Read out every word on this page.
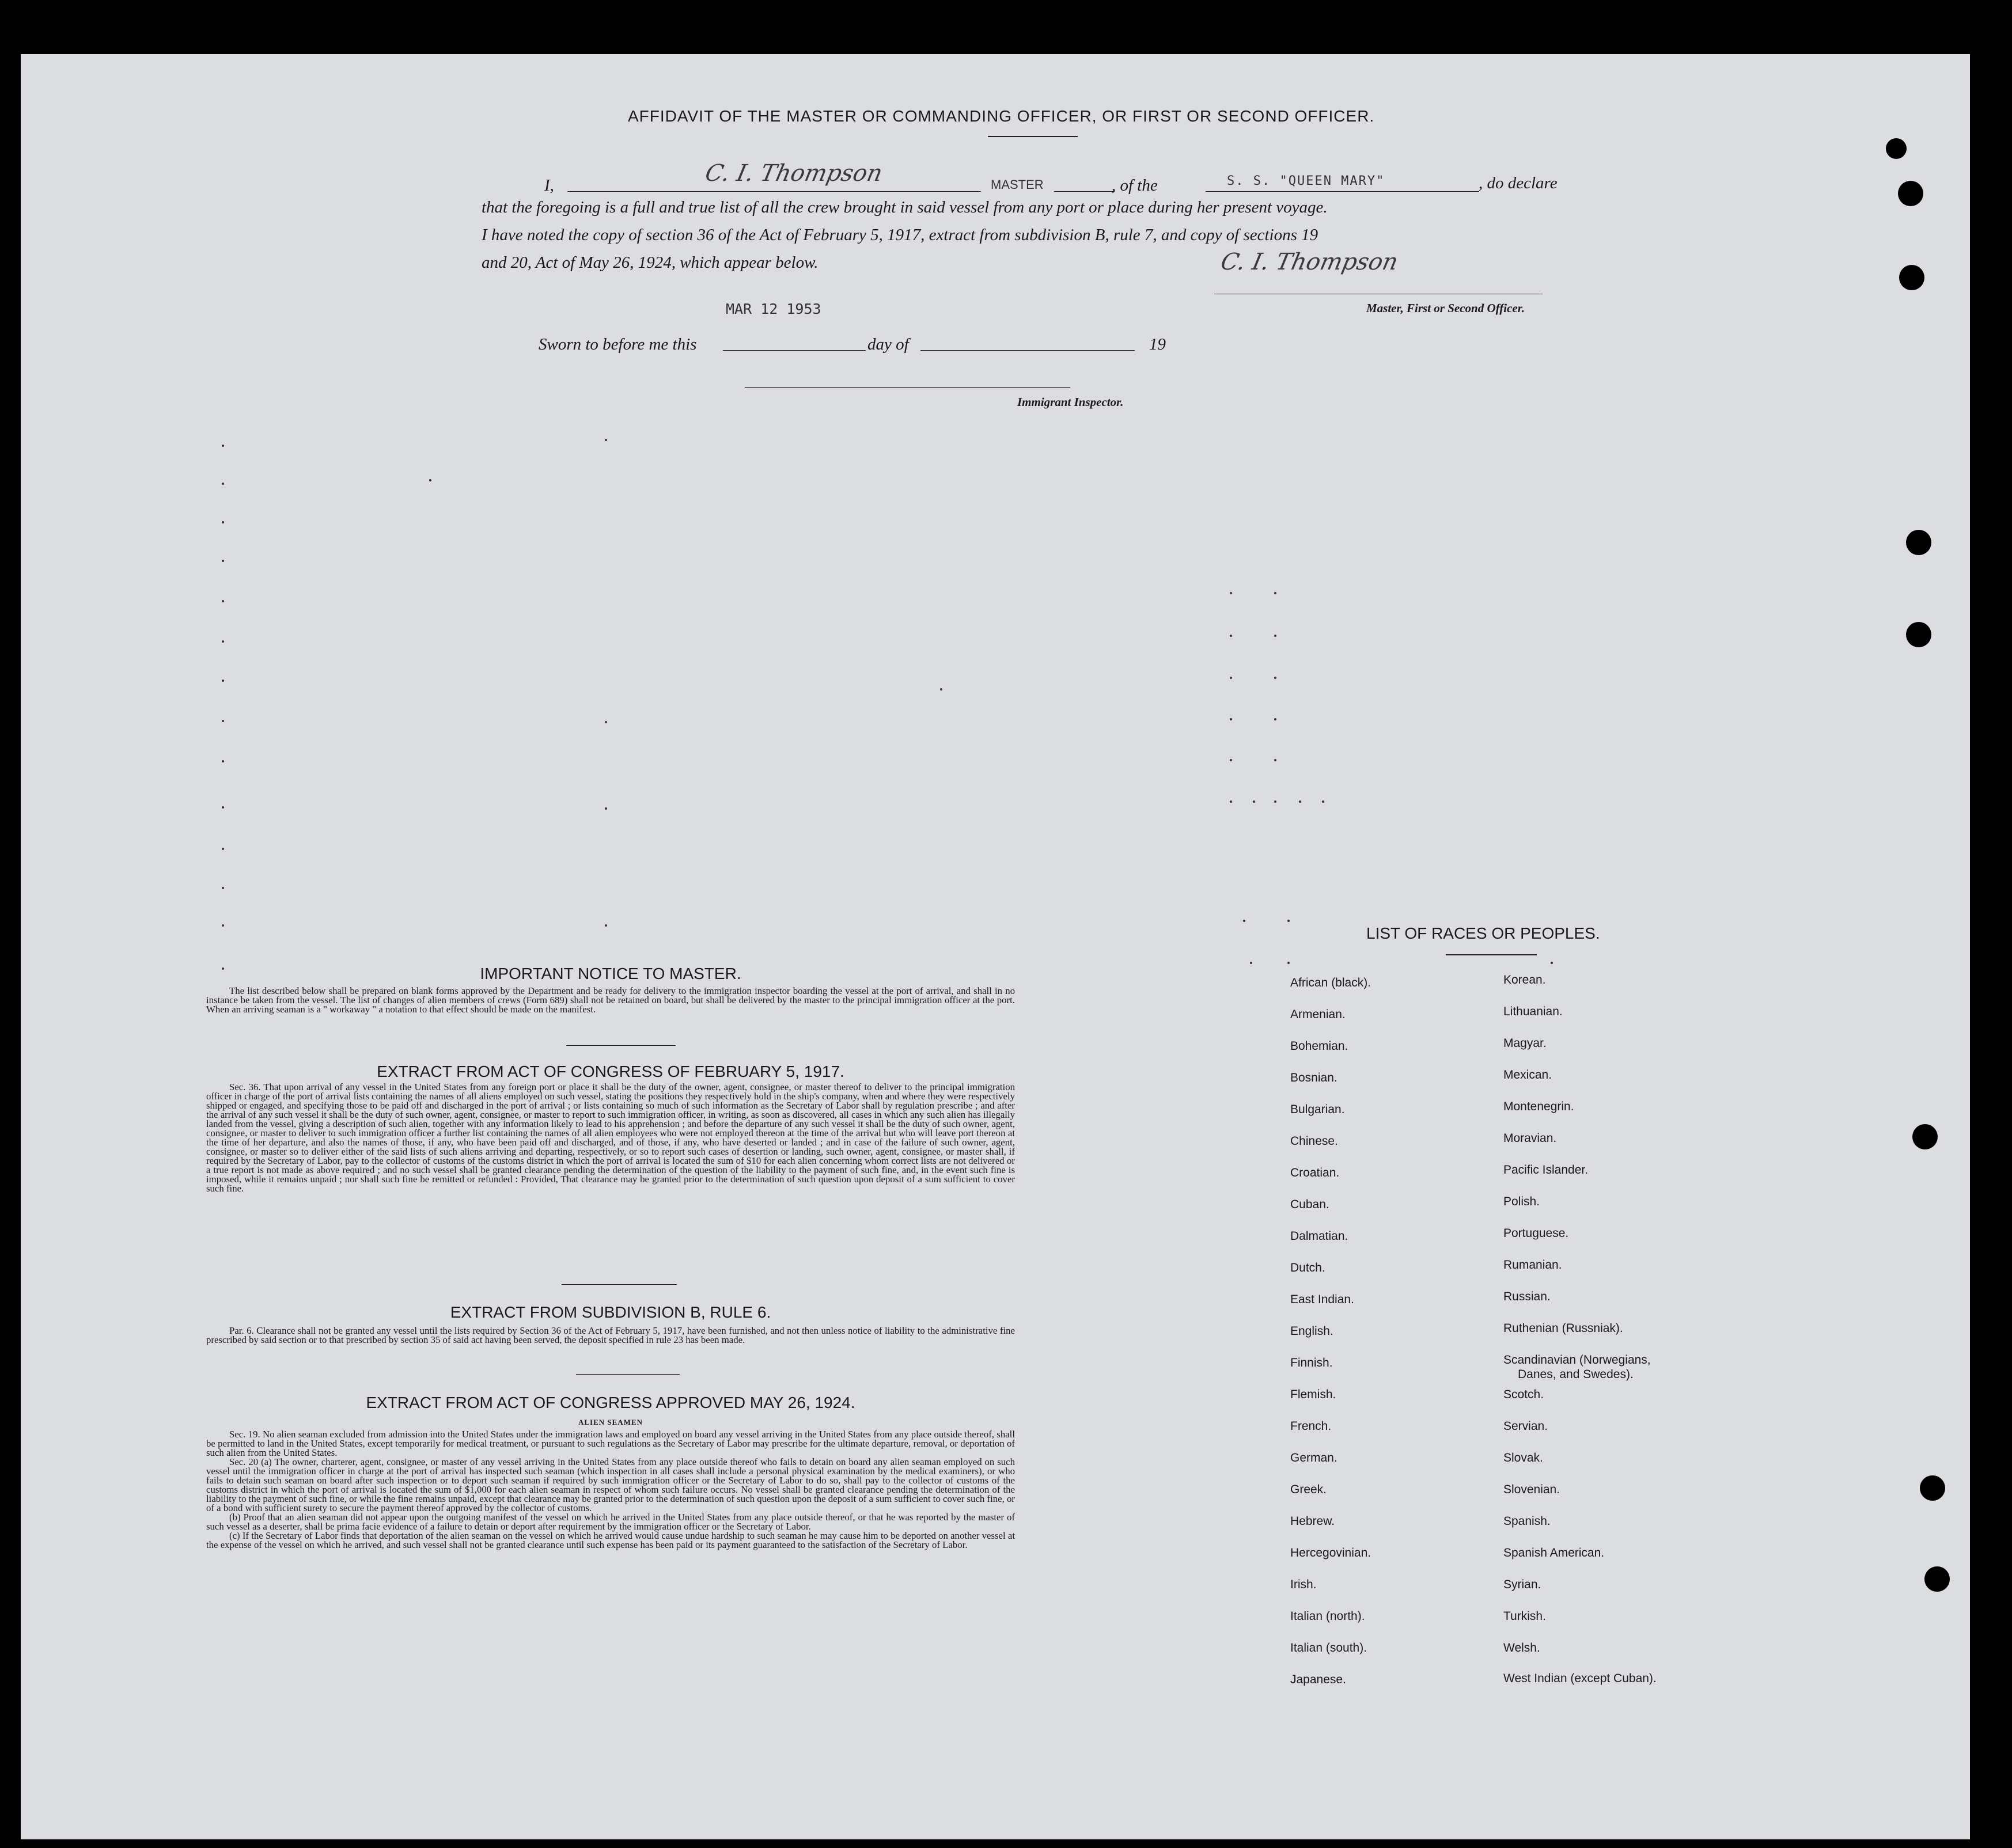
AFFIDAVIT OF THE MASTER OR COMMANDING OFFICER, OR FIRST OR SECOND OFFICER.
I,	C. I. Thompson	MASTER	, of the	S. S. "QUEEN MARY"	, do declare
that the foregoing is a full and true list of all the crew brought in said vessel from any port or place during her present voyage.
I have noted the copy of section 36 of the Act of February 5, 1917, extract from subdivision B, rule 7, and copy of sections 19
and 20, Act of May 26, 1924, which appear below.	C. I. Thompson
Master, First or Second Officer.
MAR 12 1953
Sworn to before me this	day of	19
Immigrant Inspector.
IMPORTANT NOTICE TO MASTER.

The list described below shall be prepared on blank forms approved by the Department and be ready for delivery to the immigration inspector boarding the vessel at the port of arrival, and shall in no instance be taken from the vessel. The list of changes of alien members of crews (Form 689) shall not be retained on board, but shall be delivered by the master to the principal immigration officer at the port. When an arriving seaman is a " workaway " a notation to that effect should be made on the manifest.

EXTRACT FROM ACT OF CONGRESS OF FEBRUARY 5, 1917.

Sec. 36. That upon arrival of any vessel in the United States from any foreign port or place it shall be the duty of the owner, agent, consignee, or master thereof to deliver to the principal immigration officer in charge of the port of arrival lists containing the names of all aliens employed on such vessel, stating the positions they respectively hold in the ship's company, when and where they were respectively shipped or engaged, and specifying those to be paid off and discharged in the port of arrival ; or lists containing so much of such information as the Secretary of Labor shall by regulation prescribe ; and after the arrival of any such vessel it shall be the duty of such owner, agent, consignee, or master to report to such immigration officer, in writing, as soon as discovered, all cases in which any such alien has illegally landed from the vessel, giving a description of such alien, together with any information likely to lead to his apprehension ; and before the departure of any such vessel it shall be the duty of such owner, agent, consignee, or master to deliver to such immigration officer a further list containing the names of all alien employees who were not employed thereon at the time of the arrival but who will leave port thereon at the time of her departure, and also the names of those, if any, who have been paid off and discharged, and of those, if any, who have deserted or landed ; and in case of the failure of such owner, agent, consignee, or master so to deliver either of the said lists of such aliens arriving and departing, respectively, or so to report such cases of desertion or landing, such owner, agent, consignee, or master shall, if required by the Secretary of Labor, pay to the collector of customs of the customs district in which the port of arrival is located the sum of $10 for each alien concerning whom correct lists are not delivered or a true report is not made as above required ; and no such vessel shall be granted clearance pending the determination of the question of the liability to the payment of such fine, and, in the event such fine is imposed, while it remains unpaid ; nor shall such fine be remitted or refunded : Provided, That clearance may be granted prior to the determination of such question upon deposit of a sum sufficient to cover such fine.

EXTRACT FROM SUBDIVISION B, RULE 6.

Par. 6. Clearance shall not be granted any vessel until the lists required by Section 36 of the Act of February 5, 1917, have been furnished, and not then unless notice of liability to the administrative fine prescribed by said section or to that prescribed by section 35 of said act having been served, the deposit specified in rule 23 has been made.

EXTRACT FROM ACT OF CONGRESS APPROVED MAY 26, 1924.
ALIEN SEAMEN

Sec. 19. No alien seaman excluded from admission into the United States under the immigration laws and employed on board any vessel arriving in the United States from any place outside thereof, shall be permitted to land in the United States, except temporarily for medical treatment, or pursuant to such regulations as the Secretary of Labor may prescribe for the ultimate departure, removal, or deportation of such alien from the United States.

Sec. 20 (a) The owner, charterer, agent, consignee, or master of any vessel arriving in the United States from any place outside thereof who fails to detain on board any alien seaman employed on such vessel until the immigration officer in charge at the port of arrival has inspected such seaman (which inspection in all cases shall include a personal physical examination by the medical examiners), or who fails to detain such seaman on board after such inspection or to deport such seaman if required by such immigration officer or the Secretary of Labor to do so, shall pay to the collector of customs of the customs district in which the port of arrival is located the sum of $1,000 for each alien seaman in respect of whom such failure occurs. No vessel shall be granted clearance pending the determination of the liability to the payment of such fine, or while the fine remains unpaid, except that clearance may be granted prior to the determination of such question upon the deposit of a sum sufficient to cover such fine, or of a bond with sufficient surety to secure the payment thereof approved by the collector of customs.

(b) Proof that an alien seaman did not appear upon the outgoing manifest of the vessel on which he arrived in the United States from any place outside thereof, or that he was reported by the master of such vessel as a deserter, shall be prima facie evidence of a failure to detain or deport after requirement by the immigration officer or the Secretary of Labor.

(c) If the Secretary of Labor finds that deportation of the alien seaman on the vessel on which he arrived would cause undue hardship to such seaman he may cause him to be deported on another vessel at the expense of the vessel on which he arrived, and such vessel shall not be granted clearance until such expense has been paid or its payment guaranteed to the satisfaction of the Secretary of Labor.

LIST OF RACES OR PEOPLES.
African (black).
Armenian.
Bohemian.
Bosnian.
Bulgarian.
Chinese.
Croatian.
Cuban.
Dalmatian.
Dutch.
East Indian.
English.
Finnish.
Flemish.
French.
German.
Greek.
Hebrew.
Hercegovinian.
Irish.
Italian (north).
Italian (south).
Japanese.
Korean.
Lithuanian.
Magyar.
Mexican.
Montenegrin.
Moravian.
Pacific Islander.
Polish.
Portuguese.
Rumanian.
Russian.
Ruthenian (Russniak).
Scandinavian (Norwegians,
Danes, and Swedes).
Scotch.
Servian.
Slovak.
Slovenian.
Spanish.
Spanish American.
Syrian.
Turkish.
Welsh.
West Indian (except Cuban).
